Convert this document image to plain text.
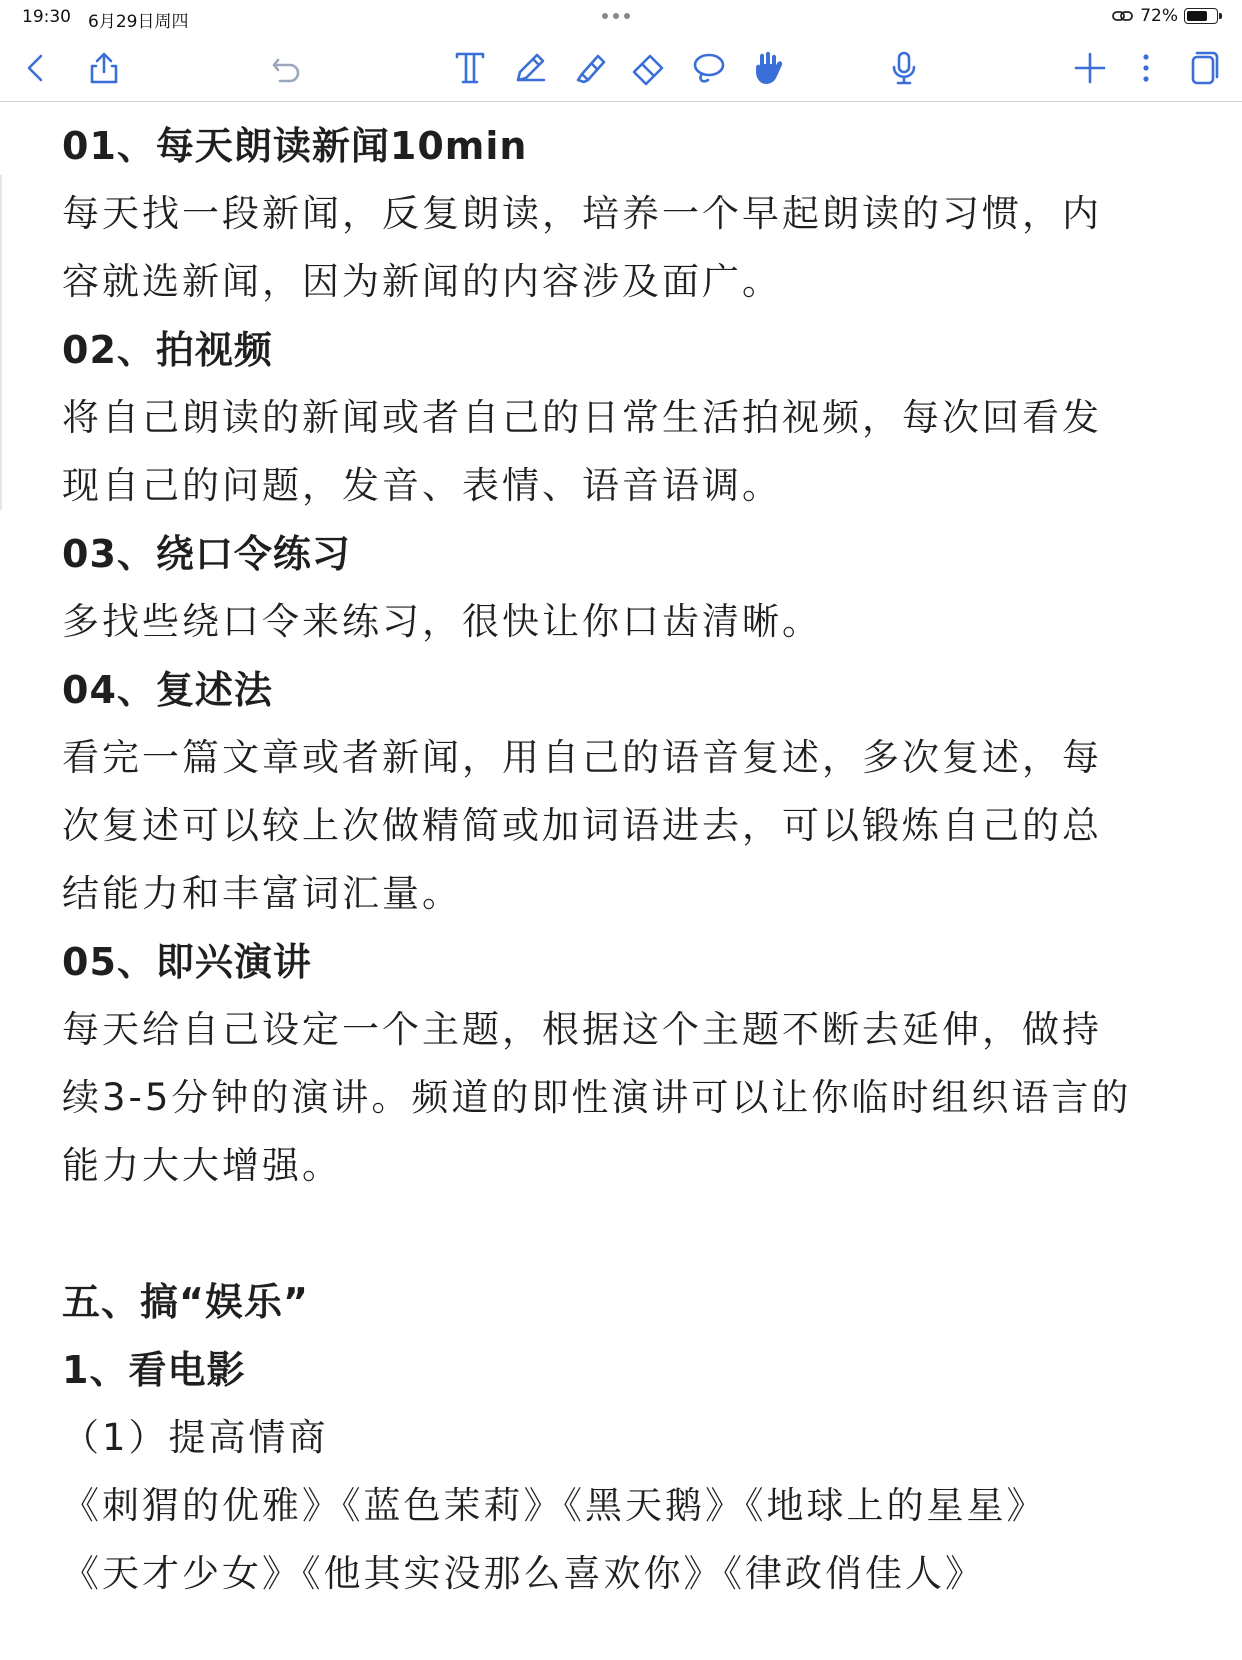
19:30 6月29日周四	72%

01、每天朗读新闻10min

每天找一段新闻，反复朗读，培养一个早起朗读的习惯，内

容就选新闻，因为新闻的内容涉及面广。

02、拍视频

将自己朗读的新闻或者自己的日常生活拍视频，每次回看发

现自己的问题，发音、表情、语音语调。

03、绕口令练习

多找些绕口令来练习，很快让你口齿清晰。

04、复述法

看完一篇文章或者新闻，用自己的语音复述，多次复述，每

次复述可以较上次做精简或加词语进去，可以锻炼自己的总

结能力和丰富词汇量。

05、即兴演讲

每天给自己设定一个主题，根据这个主题不断去延伸，做持

续3-5分钟的演讲。频道的即性演讲可以让你临时组织语言的

能力大大增强。

五、搞“娱乐”

1、看电影

（1）提高情商

《刺猬的优雅》《蓝色茉莉》《黑天鹅》《地球上的星星》

《天才少女》《他其实没那么喜欢你》《律政俏佳人》
